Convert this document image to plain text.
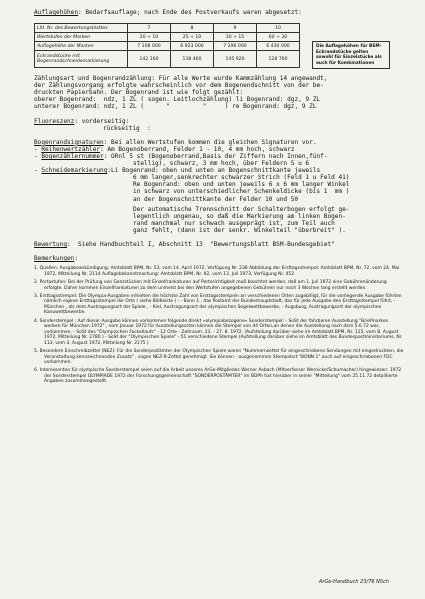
Auflagehöhen: Bedarfsauflage; nach Ende des Postverkaufs waren abgesetzt:
Lfd. Nr. des Bewertungsblattes	7	8	9	10
Wertstufen der Marken	20 + 10	25 + 10	30 + 15	60 + 30
Auflagehöhe der Marken	7 108 000	6 923 000	7 296 000	6 430 000
Eckrandstücke mit Bogenrandschneidemarkierung	142 160	138 460	145 920	128 760
Die Auflagehöhen für BSM-Eckrandstücke gelten sowohl für Einzelstücke als auch für Kombinationen
Zählungsart und Bogenrandzählung: Für alle Werte wurde Kammzählung 14 angewandt,
der Zählungsvorgang erfolgte wahrscheinlich vor dem Bogenendschnitt von der be-
druckten Papierbahn. Der Bogenrand ist wie folgt gezählt:
oberer Bogenrand:  ndz, 1 ZL ( sogen. Leitlochzählung) li Bogenrand: dgz, 9 ZL
unterer Bogenrand: ndz, 1 ZL (      "         "     ) re Bogenrand: dgz, 9 ZL
Fluoreszenz: vorderseitig:
rückseitig  :
Bogenrandsignaturen: Bei allen Wertstufen kommen die gleichen Signaturen vor.
- Reihenwertzähler: Am Bogenoberrand, Felder 1 - 10, 4 mm hoch, schwarz
- Bogenzählernummer: ORnl 5 st (Bogenoberrand,Basis der Ziffern nach Innen,fünf-
stellig), schwarz, 3 mm hoch, über Feldern 5 u 6
- Schneidemarkierung:Li Bogenrand: oben und unten an Bogenschnittkante jeweils
6 mm langer,senkrechter schwarzer Strich (Feld 1 u Feld 41)
Re Bogenrand: oben und unten jeweils 6 x 6 mm langer Winkel
in schwarz von unterschiedlicher Schenkeldicke (bis 1  mm )
an der Bogenschnittkante der Felder 10 und 50
Der automatische Trennschnitt der Schalterbogen erfolgt ge-
legentlich ungenau, so daß die Markierung am linken Bogen-
rand manchmal nur schwach ausgeprägt ist, zum Teil auch
ganz fehlt, (dann ist der senkr. Winkelteil "überbreit" ).
Bewertung:  Siehe Handbuchteil I, Abschnitt 13  "Bewertungsblatt BSM-Bundesgebiet"
Bemerkungen:

1. Quellen: Ausgabeankündigung: Amtsblatt BPM, Nr. 53, vom 14. April 1972, Verfügung Nr. 238 Abbildung der Ersttagsstempel: Amtsblatt BPM, Nr. 72, vom 24. Mai 1972, Mitteilung Nr. 2114 Auflagebekanntmachung: Amtsblatt BPM, Nr. 92, vom 13. Juli 1973, Verfügung Nr. 452

2. Portostufen: Bei der Prüfung von Ganzstücken mit Einzelfrankaturen auf Portorichtigkeit muß beachtet werden, daß am 1. Juli 1972 eine Gebührenänderung erfolgte. Daher kommen Einzelfrankaturen zu dem unmeist bei den Wertstufen angegebenen Gebühren nur noch 3 Wochen lang erstellt werden.

3. Ersttagsstempel: Die Olympia-Ausgaben erhielten die höchste Zahl von Ersttagsstempeln an verschiedenen Orten zugebilligt, für die vorliegende Ausgabe führten nämlich eigene Ersttagsstempel die Orte ( siehe Bildleiste ) : - Bonn 1 , das Postamt der Bundeshauptstadt, das für jede Ausgabe den Ersttagsstempel führt, - München , als dem Austragungsort der Spiele , - Kiel, Austragungsort der olympischen Segelwettbewerbe, - Augsburg, Austragungsort der olympischen Kanuwettbewerbe.

4. Sonderstempel : Auf dieser Ausgabe können vorkommen folgende direkt »olympiabezogene« Sonderstempel: - SoSt der fahrbaren Ausstellung "Briefmarken werben für München 1972" , vom Januar 1972 für Ausstellungsorten können die Stempel von 44 Orten,an denen die Ausstellung nach dem 5.6.72 war, vorkommen. - SoSt des "Olympischen Fackellaufs" - 12 Orte - Zeitraum: 23. - 27. 8. 1972. (Aufstellung darüber siehe im Amtsblatt BPM, Nr. 115, vom 8. August 1972, Mitteilung Nr. 2780 ) - SoSt der "Olympischen Spiele" - 51 verschiedene Stempel (Aufstellung darüber siehe im Amtsblatt des Bundespostministeriums, Nr. 113, vom 3. August 1972, Mitteilung Nr. 2175 )

5. Besondere Einschreibzettel (NEZ): Für die Sonderpostämter der Olympischen Spiele waren "Nummernzettel für eingeschriebene Sendungen mit eingedruckten, die Veranstaltung kennzeichnenden Zusatz" , sogen NEZ-R-Zettel genehmigt. Sie können - ausgenommen Stempelort "BONN 1" auch auf eingeschriebenen FDC vorkommen.

6. Interessenten für olympische Sonderstempel seien auf die Arbeit unseres ArGe-Mitgliedes Werner Asbach (Mitverfasser Wernicke/Schumacher) hingewiesen: 1972 der Sonderstempel OLYMPIADE 1972 der Forschungsgemeinschaft "SONDERPOSTÄMTER" im BDPh hat hierüber in seiner "Mitteilung" vom 25.11.72 detaillierte Angaben zusammengestellt.

ArGe-Handbuch 23/76 NSch
